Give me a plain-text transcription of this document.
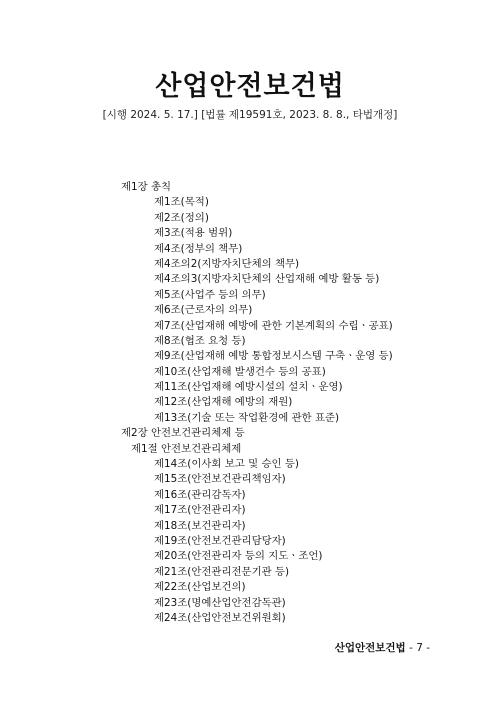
산업안전보건법
[시행 2024. 5. 17.] [법률 제19591호, 2023. 8. 8., 타법개정]
제1장 총칙
제1조(목적)
제2조(정의)
제3조(적용 범위)
제4조(정부의 책무)
제4조의2(지방자치단체의 책무)
제4조의3(지방자치단체의 산업재해 예방 활동 등)
제5조(사업주 등의 의무)
제6조(근로자의 의무)
제7조(산업재해 예방에 관한 기본계획의 수립ㆍ공표)
제8조(협조 요청 등)
제9조(산업재해 예방 통합정보시스템 구축ㆍ운영 등)
제10조(산업재해 발생건수 등의 공표)
제11조(산업재해 예방시설의 설치ㆍ운영)
제12조(산업재해 예방의 재원)
제13조(기술 또는 작업환경에 관한 표준)
제2장 안전보건관리체제 등
제1절 안전보건관리체제
제14조(이사회 보고 및 승인 등)
제15조(안전보건관리책임자)
제16조(관리감독자)
제17조(안전관리자)
제18조(보건관리자)
제19조(안전보건관리담당자)
제20조(안전관리자 등의 지도ㆍ조언)
제21조(안전관리전문기관 등)
제22조(산업보건의)
제23조(명예산업안전감독관)
제24조(산업안전보건위원회)
산업안전보건법 - 7 -
